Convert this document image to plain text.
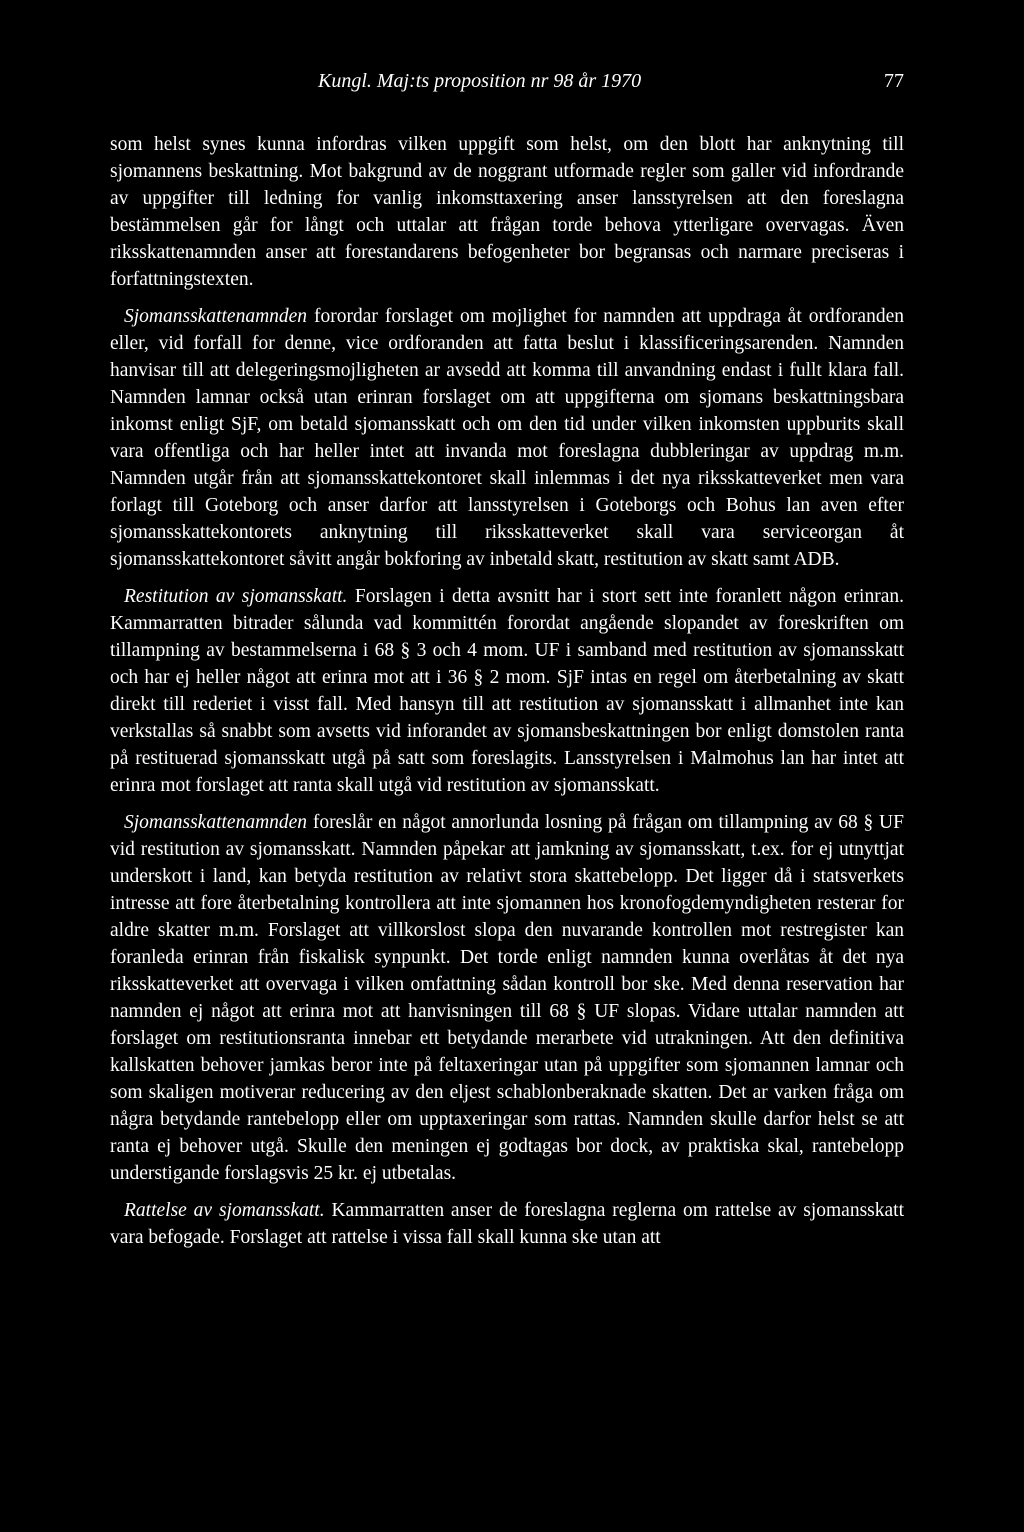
Kungl. Maj:ts proposition nr 98 år 1970	77

som helst synes kunna infordras vilken uppgift som helst, om den blott har anknytning till sjomannens beskattning. Mot bakgrund av de noggrant utformade regler som galler vid infordrande av uppgifter till ledning for vanlig inkomsttaxering anser lansstyrelsen att den foreslagna bestämmelsen går for långt och uttalar att frågan torde behova ytterligare overvagas. Även riksskattenamnden anser att forestandarens befogenheter bor begransas och narmare preciseras i forfattningstexten.

Sjomansskattenamnden forordar forslaget om mojlighet for namnden att uppdraga åt ordforanden eller, vid forfall for denne, vice ordforanden att fatta beslut i klassificeringsarenden. Namnden hanvisar till att delegeringsmojligheten ar avsedd att komma till anvandning endast i fullt klara fall. Namnden lamnar också utan erinran forslaget om att uppgifterna om sjomans beskattningsbara inkomst enligt SjF, om betald sjomansskatt och om den tid under vilken inkomsten uppburits skall vara offentliga och har heller intet att invanda mot foreslagna dubbleringar av uppdrag m.m. Namnden utgår från att sjomansskattekontoret skall inlemmas i det nya riksskatteverket men vara forlagt till Goteborg och anser darfor att lansstyrelsen i Goteborgs och Bohus lan aven efter sjomansskattekontorets anknytning till riksskatteverket skall vara serviceorgan åt sjomansskattekontoret såvitt angår bokforing av inbetald skatt, restitution av skatt samt ADB.

Restitution av sjomansskatt. Forslagen i detta avsnitt har i stort sett inte foranlett någon erinran. Kammarratten bitrader sålunda vad kommittén forordat angående slopandet av foreskriften om tillampning av bestammelserna i 68 § 3 och 4 mom. UF i samband med restitution av sjomansskatt och har ej heller något att erinra mot att i 36 § 2 mom. SjF intas en regel om återbetalning av skatt direkt till rederiet i visst fall. Med hansyn till att restitution av sjomansskatt i allmanhet inte kan verkstallas så snabbt som avsetts vid inforandet av sjomansbeskattningen bor enligt domstolen ranta på restituerad sjomansskatt utgå på satt som foreslagits. Lansstyrelsen i Malmohus lan har intet att erinra mot forslaget att ranta skall utgå vid restitution av sjomansskatt.

Sjomansskattenamnden foreslår en något annorlunda losning på frågan om tillampning av 68 § UF vid restitution av sjomansskatt. Namnden påpekar att jamkning av sjomansskatt, t.ex. for ej utnyttjat underskott i land, kan betyda restitution av relativt stora skattebelopp. Det ligger då i statsverkets intresse att fore återbetalning kontrollera att inte sjomannen hos kronofogdemyndigheten resterar for aldre skatter m.m. Forslaget att villkorslost slopa den nuvarande kontrollen mot restregister kan foranleda erinran från fiskalisk synpunkt. Det torde enligt namnden kunna overlåtas åt det nya riksskatteverket att overvaga i vilken omfattning sådan kontroll bor ske. Med denna reservation har namnden ej något att erinra mot att hanvisningen till 68 § UF slopas. Vidare uttalar namnden att forslaget om restitutionsranta innebar ett betydande merarbete vid utrakningen. Att den definitiva kallskatten behover jamkas beror inte på feltaxeringar utan på uppgifter som sjomannen lamnar och som skaligen motiverar reducering av den eljest schablonberaknade skatten. Det ar varken fråga om några betydande rantebelopp eller om upptaxeringar som rattas. Namnden skulle darfor helst se att ranta ej behover utgå. Skulle den meningen ej godtagas bor dock, av praktiska skal, rantebelopp understigande forslagsvis 25 kr. ej utbetalas.

Rattelse av sjomansskatt. Kammarratten anser de foreslagna reglerna om rattelse av sjomansskatt vara befogade. Forslaget att rattelse i vissa fall skall kunna ske utan att
